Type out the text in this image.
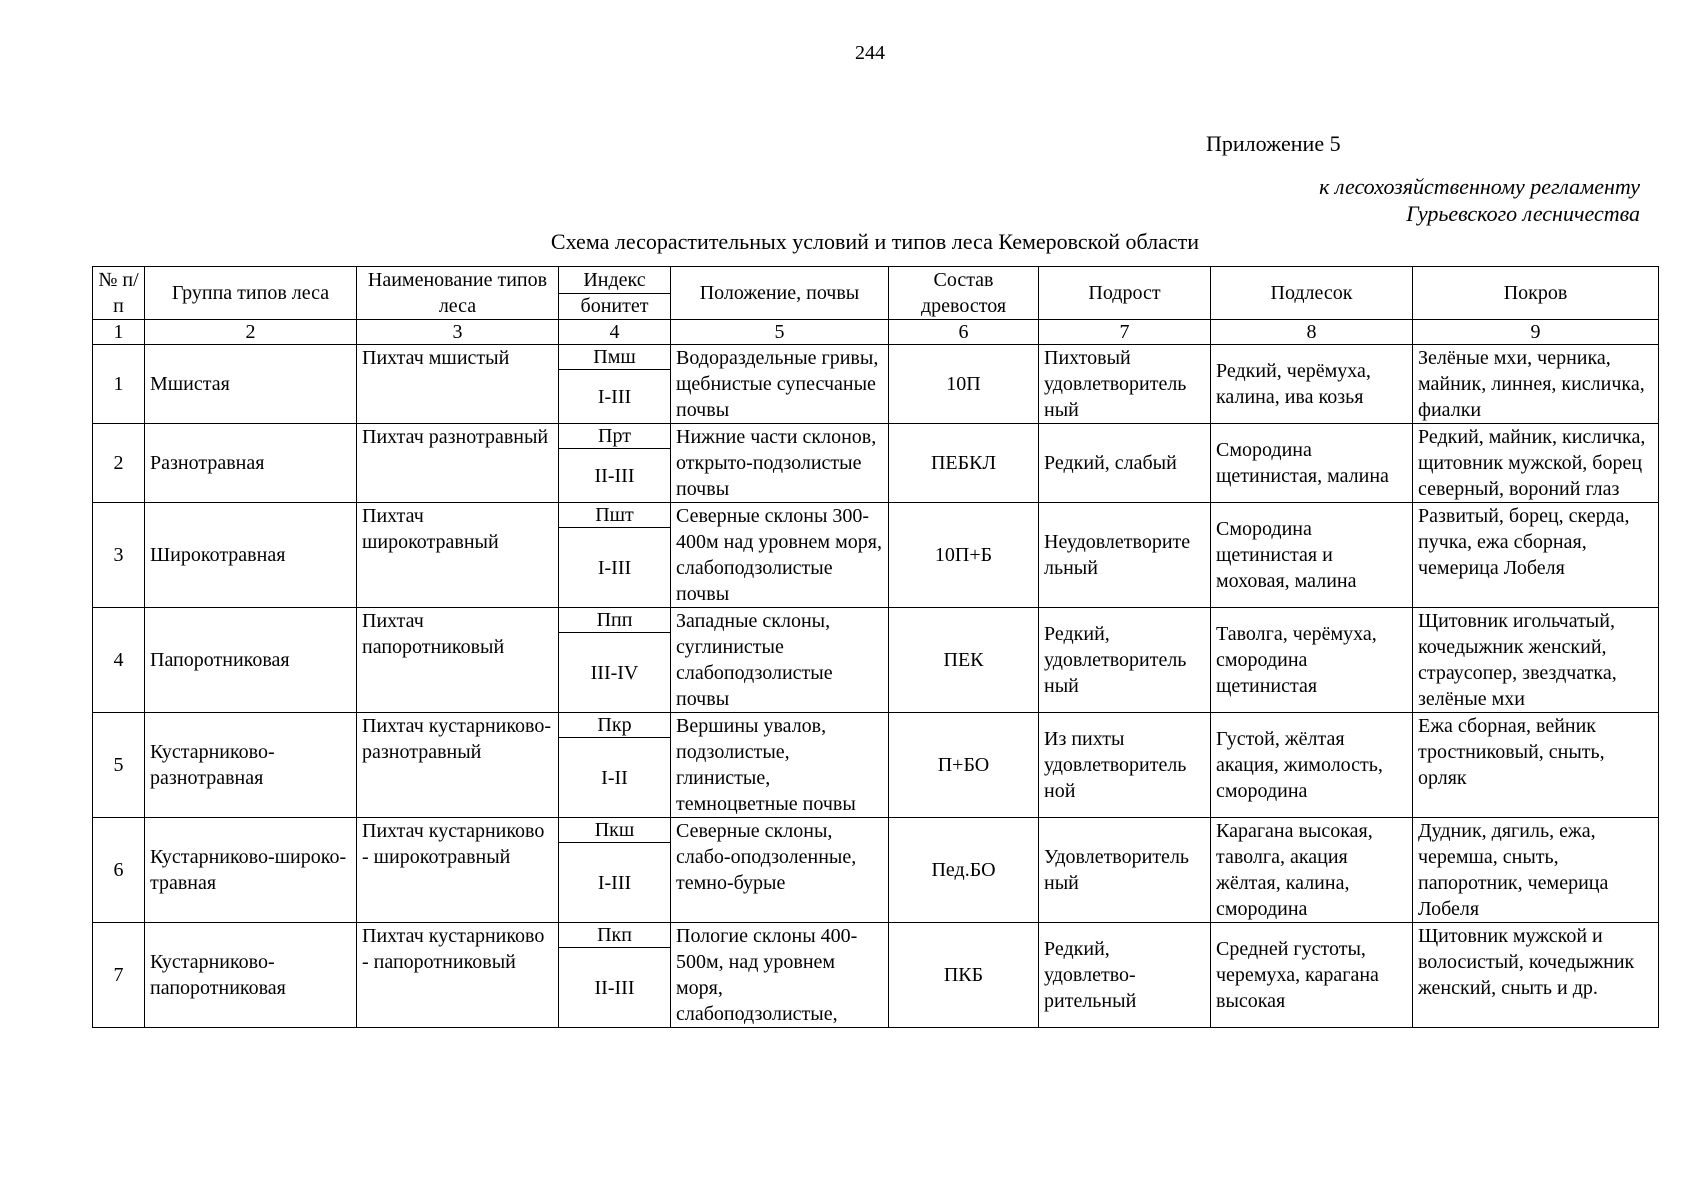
244
Приложение 5
к лесохозяйственному регламенту
Гурьевского лесничества
Схема лесорастительных условий и типов леса Кемеровской области
№ п/п	Группа типов леса	Наименование типов леса	Индекс	Положение, почвы	Состав древостоя	Подрост	Подлесок	Покров
			бонитет					
1	2	3	4	5	6	7	8	9
1	Мшистая	Пихтач мшистый	Пмш	Водораздельные гривы, щебнистые супесчаные почвы	10П	Пихтовый удовлетворитель ный	Редкий, черёмуха, калина, ива козья	Зелёные мхи, черника, майник, линнея, кисличка, фиалки
			I-III					
2	Разнотравная	Пихтач разнотравный	Прт	Нижние части склонов, открыто-подзолистые почвы	ПЕБКЛ	Редкий, слабый	Смородина щетинистая, малина	Редкий, майник, кисличка, щитовник мужской, борец северный, вороний глаз
			II-III					
3	Широкотравная	Пихтач широкотравный	Пшт	Северные склоны 300-400м над уровнем моря, слабоподзолистые почвы	10П+Б	Неудовлетворите льный	Смородина щетинистая и моховая, малина	Развитый, борец, скерда, пучка, ежа сборная, чемерица Лобеля
			I-III					
4	Папоротниковая	Пихтач папоротниковый	Ппп	Западные склоны, суглинистые слабоподзолистые почвы	ПЕК	Редкий, удовлетворитель ный	Таволга, черёмуха, смородина щетинистая	Щитовник игольчатый, кочедыжник женский, страусопер, звездчатка, зелёные мхи
			III-IV					
5	Кустарниково-разнотравная	Пихтач кустарниково-разнотравный	Пкр	Вершины увалов, подзолистые, глинистые, темноцветные почвы	П+БО	Из пихты удовлетворитель ной	Густой, жёлтая акация, жимолость, смородина	Ежа сборная, вейник тростниковый, сныть, орляк
			I-II					
6	Кустарниково-широко-травная	Пихтач кустарниково - широкотравный	Пкш	Северные склоны, слабо-оподзоленные, темно-бурые	Пед.БО	Удовлетворитель ный	Карагана высокая, таволга, акация жёлтая, калина, смородина	Дудник, дягиль, ежа, черемша, сныть, папоротник, чемерица Лобеля
			I-III					
7	Кустарниково-папоротниковая	Пихтач кустарниково - папоротниковый	Пкп	Пологие склоны 400-500м, над уровнем моря, слабоподзолистые,	ПКБ	Редкий, удовлетво-рительный	Средней густоты, черемуха, карагана высокая	Щитовник мужской и волосистый, кочедыжник женский, сныть и др.
			II-III					
